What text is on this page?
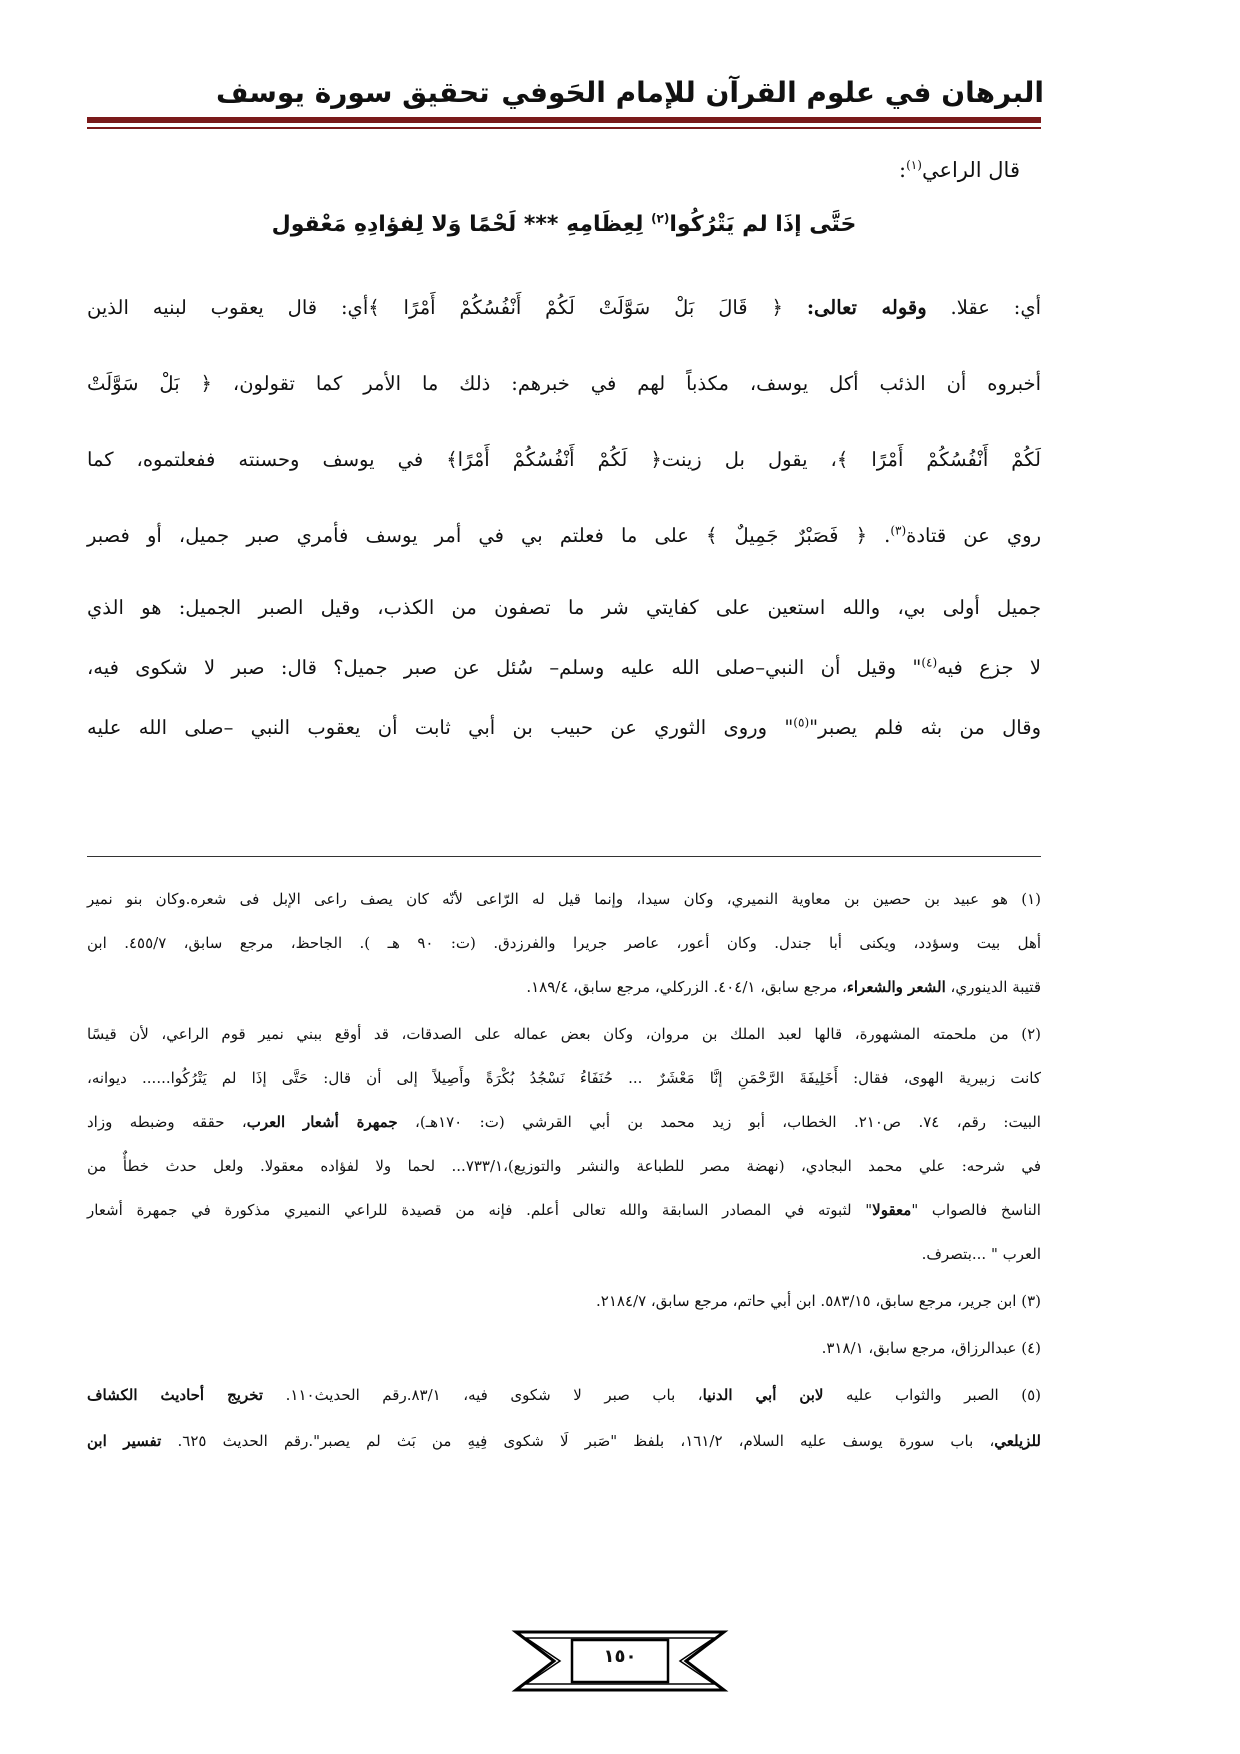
البرهان في علوم القرآن للإمام الحَوفي
تحقيق سورة يوسف
قال الراعي$^{(١)}$:
حَتَّى إذَا لم يَتْرُكُوا$^{(٢)}$ لِعِظَامِهِ *** لَحْمًا وَلا لِفؤادِهِ مَعْقول
أي: عقلا. وقوله تعالى: ﴿ قَالَ بَلْ سَوَّلَتْ لَكُمْ أَنْفُسُكُمْ أَمْرًا ﴾أي: قال يعقوب لبنيه الذين
أخبروه أن الذئب أكل يوسف، مكذباً لهم في خبرهم: ذلك ما الأمر كما تقولون، ﴿ بَلْ سَوَّلَتْ
لَكُمْ أَنْفُسُكُمْ أَمْرًا ﴾، يقول بل زينت﴿ لَكُمْ أَنْفُسُكُمْ أَمْرًا﴾ في يوسف وحسنته ففعلتموه، كما
روي عن قتادة$^{(٣)}$. ﴿ فَصَبْرٌ جَمِيلٌ ﴾ على ما فعلتم بي في أمر يوسف فأمري صبر جميل، أو فصبر
جميل أولى بي، والله استعين على كفايتي شر ما تصفون من الكذب، وقيل الصبر الجميل: هو الذي
لا جزع فيه$^{(٤)}$" وقيل أن النبي–صلى الله عليه وسلم– سُئل عن صبر جميل؟ قال: صبر لا شكوى فيه،
وقال من بثه فلم يصبر"$^{(٥)}$" وروى الثوري عن حبيب بن أبي ثابت أن يعقوب النبي –صلى الله عليه
(١) هو عبيد بن حصين بن معاوية النميري، وكان سيدا، وإنما قيل له الرّاعى لأنّه كان يصف راعى الإبل فى شعره.وكان بنو نمير
أهل بيت وسؤدد، ويكنى أبا جندل. وكان أعور، عاصر جريرا والفرزدق. (ت: ٩٠ هـ ). الجاحظ، مرجع سابق، ٤٥٥/٧. ابن
قتيبة الدينوري، الشعر والشعراء، مرجع سابق، ٤٠٤/١. الزركلي، مرجع سابق، ١٨٩/٤.
(٢) من ملحمته المشهورة، قالها لعبد الملك بن مروان، وكان بعض عماله على الصدقات، قد أوقع ببني نمير قوم الراعي، لأن قيسًا
كانت زبيرية الهوى، فقال: أَخَلِيفَةَ الرَّحْمَنِ إنَّا مَعْشَرٌ ... حُنَفَاءُ نَسْجُدُ بُكْرَةً وأَصِيلاً إلى أن قال: حَتَّى إذَا لم يَتْرُكُوا...... ديوانه،
البيت: رقم، ٧٤. ص٢١٠. الخطاب، أبو زيد محمد بن أبي القرشي (ت: ١٧٠هـ)، جمهرة أشعار العرب، حققه وضبطه وزاد
في شرحه: علي محمد البجادي، (نهضة مصر للطباعة والنشر والتوزيع)،٧٣٣/١... لحما ولا لفؤاده معقولا. ولعل حدث خطأٌ من
الناسخ فالصواب "معقولا" لثبوته في المصادر السابقة والله تعالى أعلم. فإنه من قصيدة للراعي النميري مذكورة في جمهرة أشعار
العرب " ...بتصرف.
(٣) ابن جرير، مرجع سابق، ٥٨٣/١٥. ابن أبي حاتم، مرجع سابق، ٢١٨٤/٧.
(٤) عبدالرزاق، مرجع سابق، ٣١٨/١.
(٥) الصبر والثواب عليه لابن أبي الدنيا، باب صبر لا شكوى فيه، ٨٣/١.رقم الحديث١١٠. تخريج أحاديث الكشاف
للزيلعي، باب سورة يوسف عليه السلام، ١٦١/٢، بلفظ "صَبر لَا شكوى فِيهِ من بَث لم يصبر".رقم الحديث ٦٢٥. تفسير ابن
١٥٠
